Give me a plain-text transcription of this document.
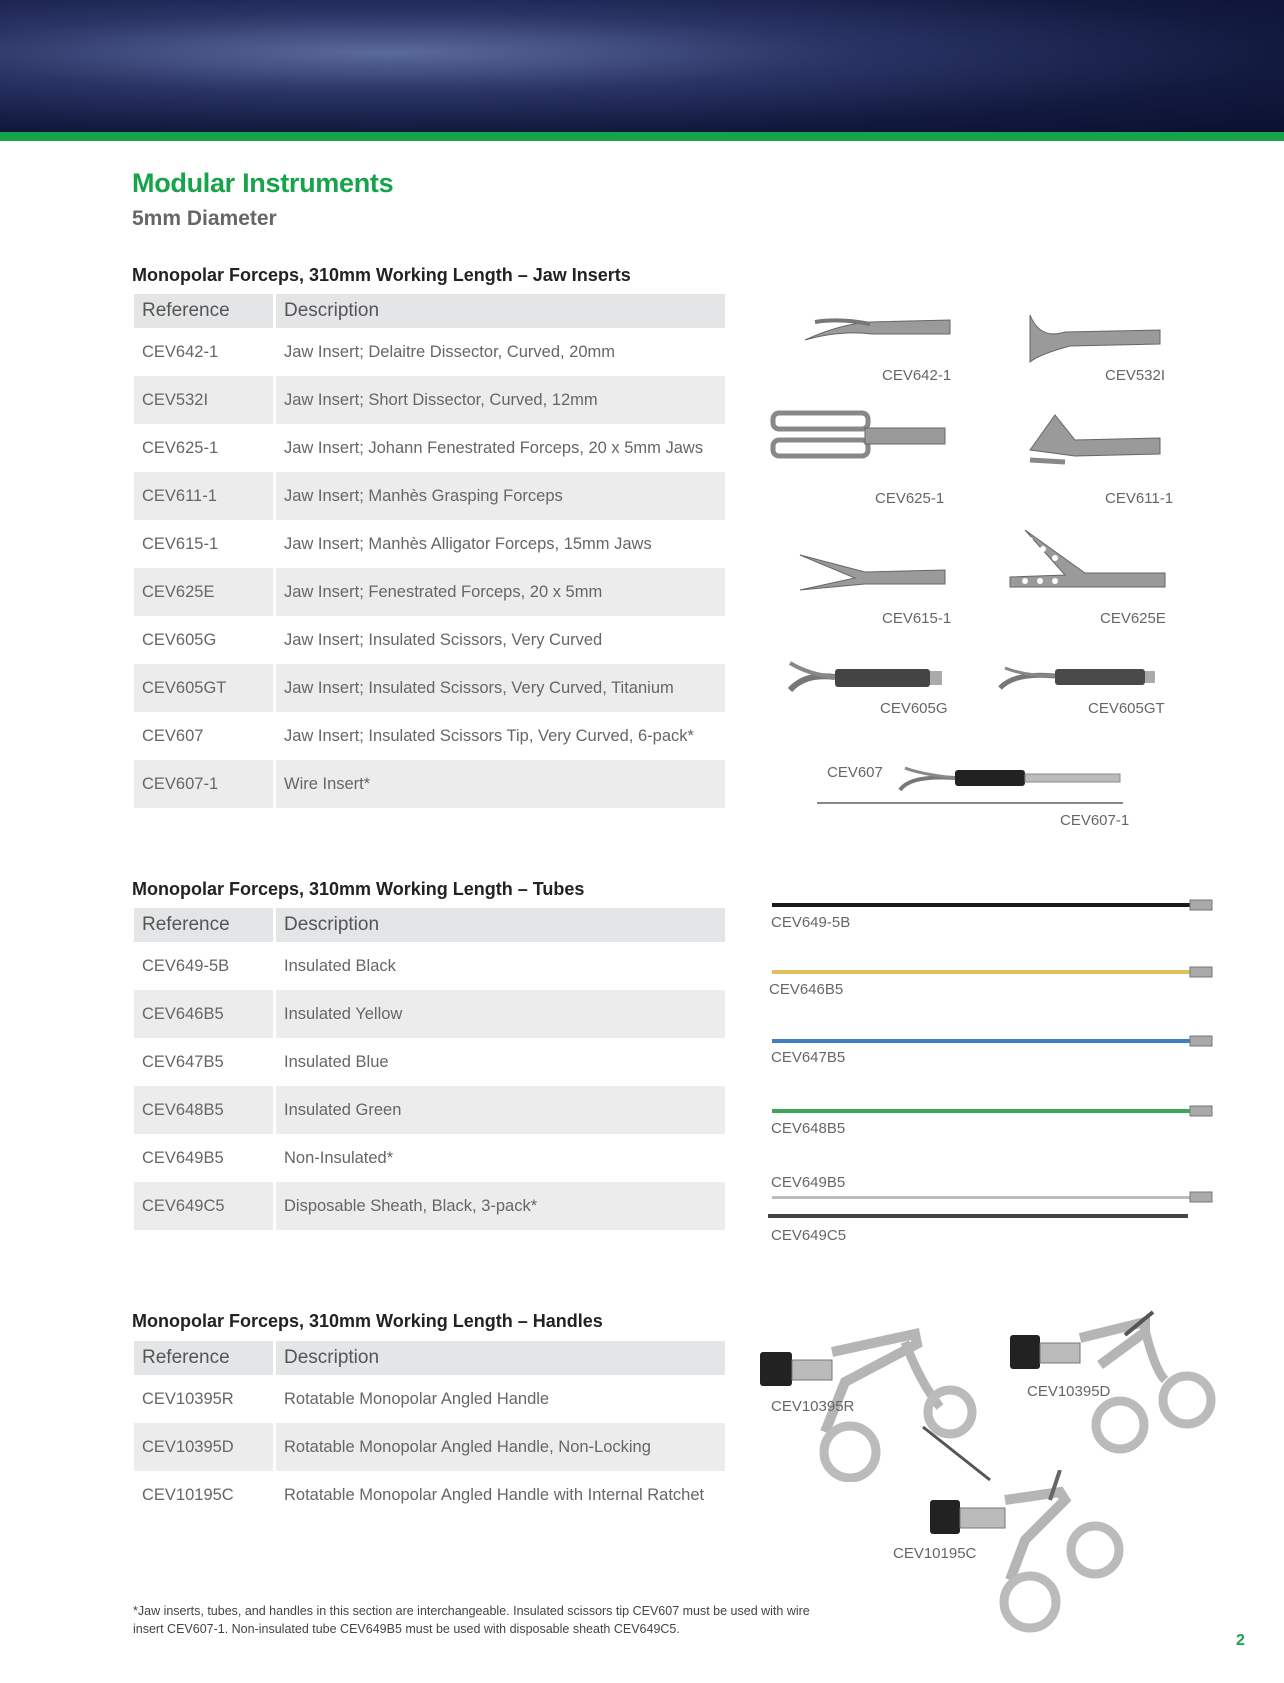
Modular Instruments
5mm Diameter
Monopolar Forceps, 310mm Working Length – Jaw Inserts
Reference	Description
CEV642-1	Jaw Insert; Delaitre Dissector, Curved, 20mm
CEV532I	Jaw Insert; Short Dissector, Curved, 12mm
CEV625-1	Jaw Insert; Johann Fenestrated Forceps, 20 x 5mm Jaws
CEV611-1	Jaw Insert; Manhès Grasping Forceps
CEV615-1	Jaw Insert; Manhès Alligator Forceps, 15mm Jaws
CEV625E	Jaw Insert; Fenestrated Forceps, 20 x 5mm
CEV605G	Jaw Insert; Insulated Scissors, Very Curved
CEV605GT	Jaw Insert; Insulated Scissors, Very Curved, Titanium
CEV607	Jaw Insert; Insulated Scissors Tip, Very Curved, 6-pack*
CEV607-1	Wire Insert*
CEV642-1	CEV532I
CEV625-1	CEV611-1
CEV615-1	CEV625E
CEV605G	CEV605GT
CEV607
CEV607-1
Monopolar Forceps, 310mm Working Length – Tubes
Reference	Description
CEV649-5B	Insulated Black
CEV646B5	Insulated Yellow
CEV647B5	Insulated Blue
CEV648B5	Insulated Green
CEV649B5	Non-Insulated*
CEV649C5	Disposable Sheath, Black, 3-pack*
CEV649-5B
CEV646B5
CEV647B5
CEV648B5
CEV649B5
CEV649C5
Monopolar Forceps, 310mm Working Length – Handles
Reference	Description
CEV10395R	Rotatable Monopolar Angled Handle
CEV10395D	Rotatable Monopolar Angled Handle, Non-Locking
CEV10195C	Rotatable Monopolar Angled Handle with Internal Ratchet
CEV10395R
CEV10395D
CEV10195C

*Jaw inserts, tubes, and handles in this section are interchangeable. Insulated scissors tip CEV607 must be used with wire insert CEV607-1. Non-insulated tube CEV649B5 must be used with disposable sheath CEV649C5.

2
